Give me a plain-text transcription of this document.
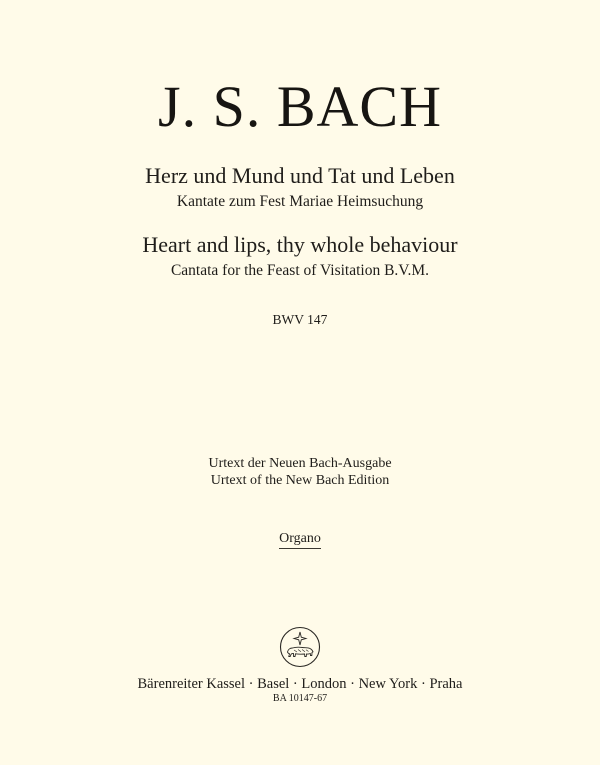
J. S. BACH
Herz und Mund und Tat und Leben
Kantate zum Fest Mariae Heimsuchung
Heart and lips, thy whole behaviour
Cantata for the Feast of Visitation B.V.M.
BWV 147
Urtext der Neuen Bach-Ausgabe
Urtext of the New Bach Edition
Organo
Bärenreiter Kassel · Basel · London · New York · Praha
BA 10147-67
